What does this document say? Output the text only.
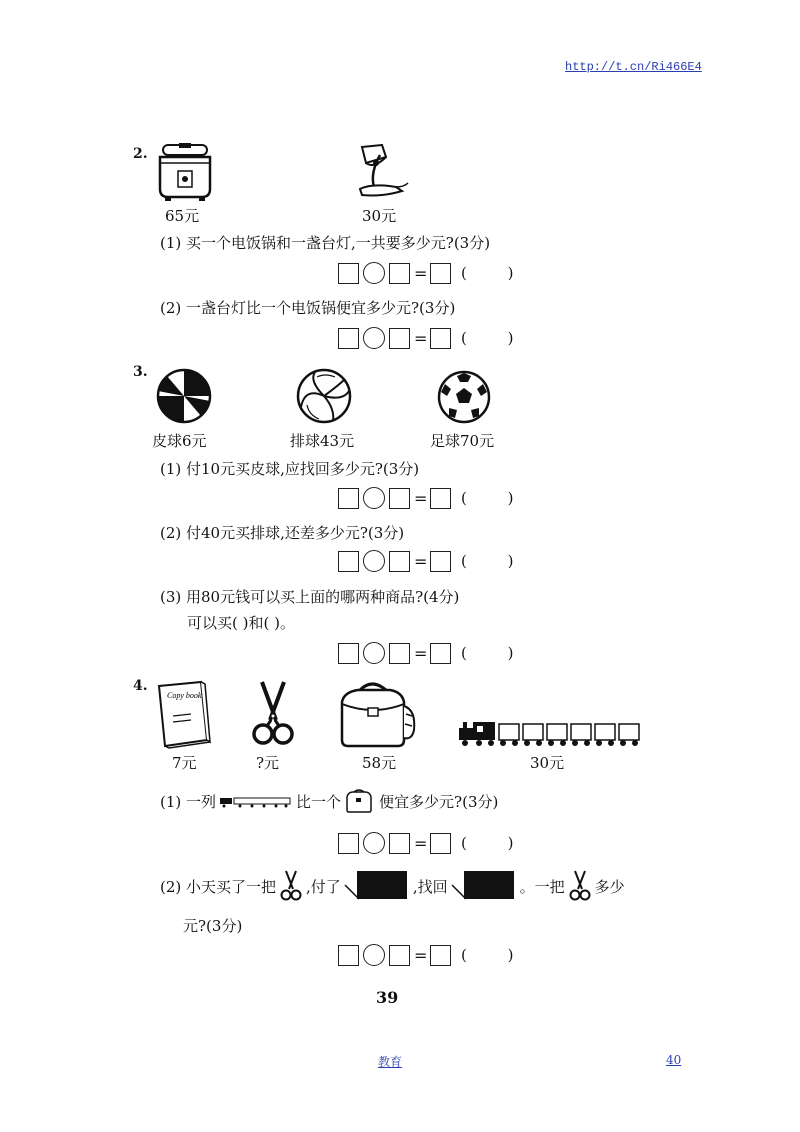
http://t.cn/Ri466E4
2.
65元	30元
(1) 买一个电饭锅和一盏台灯,一共要多少元?(3分)
= ( )
(2) 一盏台灯比一个电饭锅便宜多少元?(3分)
= ( )
3.
皮球6元	排球43元	足球70元
(1) 付10元买皮球,应找回多少元?(3分)
= ( )
(2) 付40元买排球,还差多少元?(3分)
= ( )
(3) 用80元钱可以买上面的哪两种商品?(4分)
可以买( )和( )。
= ( )
4.
Copy book
7元	?元	58元	30元
(1) 一列	比一个	便宜多少元?(3分)
= ( )
(2) 小天买了一把 ,付了	,找回	。一把 多少
元?(3分)
= ( )
39
教育	40
